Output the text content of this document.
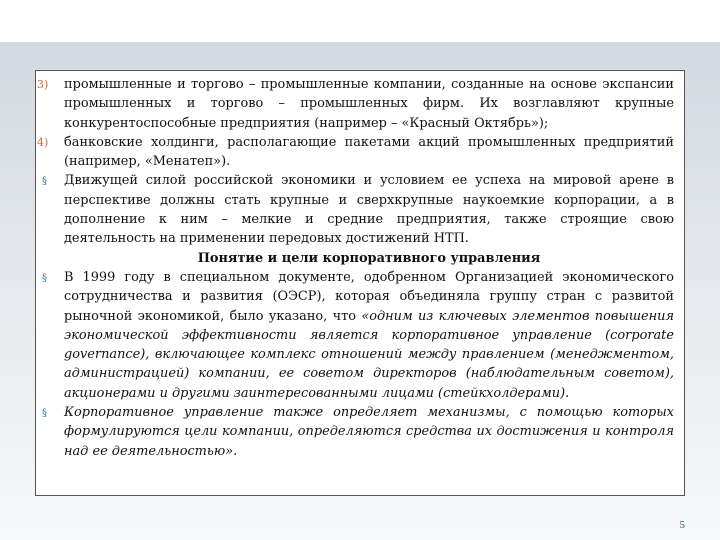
3)	промышленные и торгово – промышленные компании, созданные на основе экспансии промышленных и торгово – промышленных фирм. Их возглавляют крупные конкурентоспособные предприятия (например – «Красный Октябрь»);

4)	банковские холдинги, располагающие пакетами акций промышленных предприятий (например, «Менатеп»).

§	Движущей силой российской экономики и условием ее успеха на мировой арене в перспективе должны стать крупные и сверхкрупные наукоемкие корпорации, а в дополнение к ним – мелкие и средние предприятия, также строящие свою деятельность на применении передовых достижений НТП.

Понятие и цели корпоративного управления

§	В 1999 году в специальном документе, одобренном Организацией экономического сотрудничества и развития (ОЭСР), которая объединяла группу стран с развитой рыночной экономикой, было указано, что «одним из ключевых элементов повышения экономической эффективности является корпоративное управление (corporate governance), включающее комплекс отношений между правлением (менеджментом, администрацией) компании, ее советом директоров (наблюдательным советом), акционерами и другими заинтересованными лицами (стейкхолдерами).

§	Корпоративное управление также определяет механизмы, с помощью которых формулируются цели компании, определяются средства их достижения и контроля над ее деятельностью».

5
